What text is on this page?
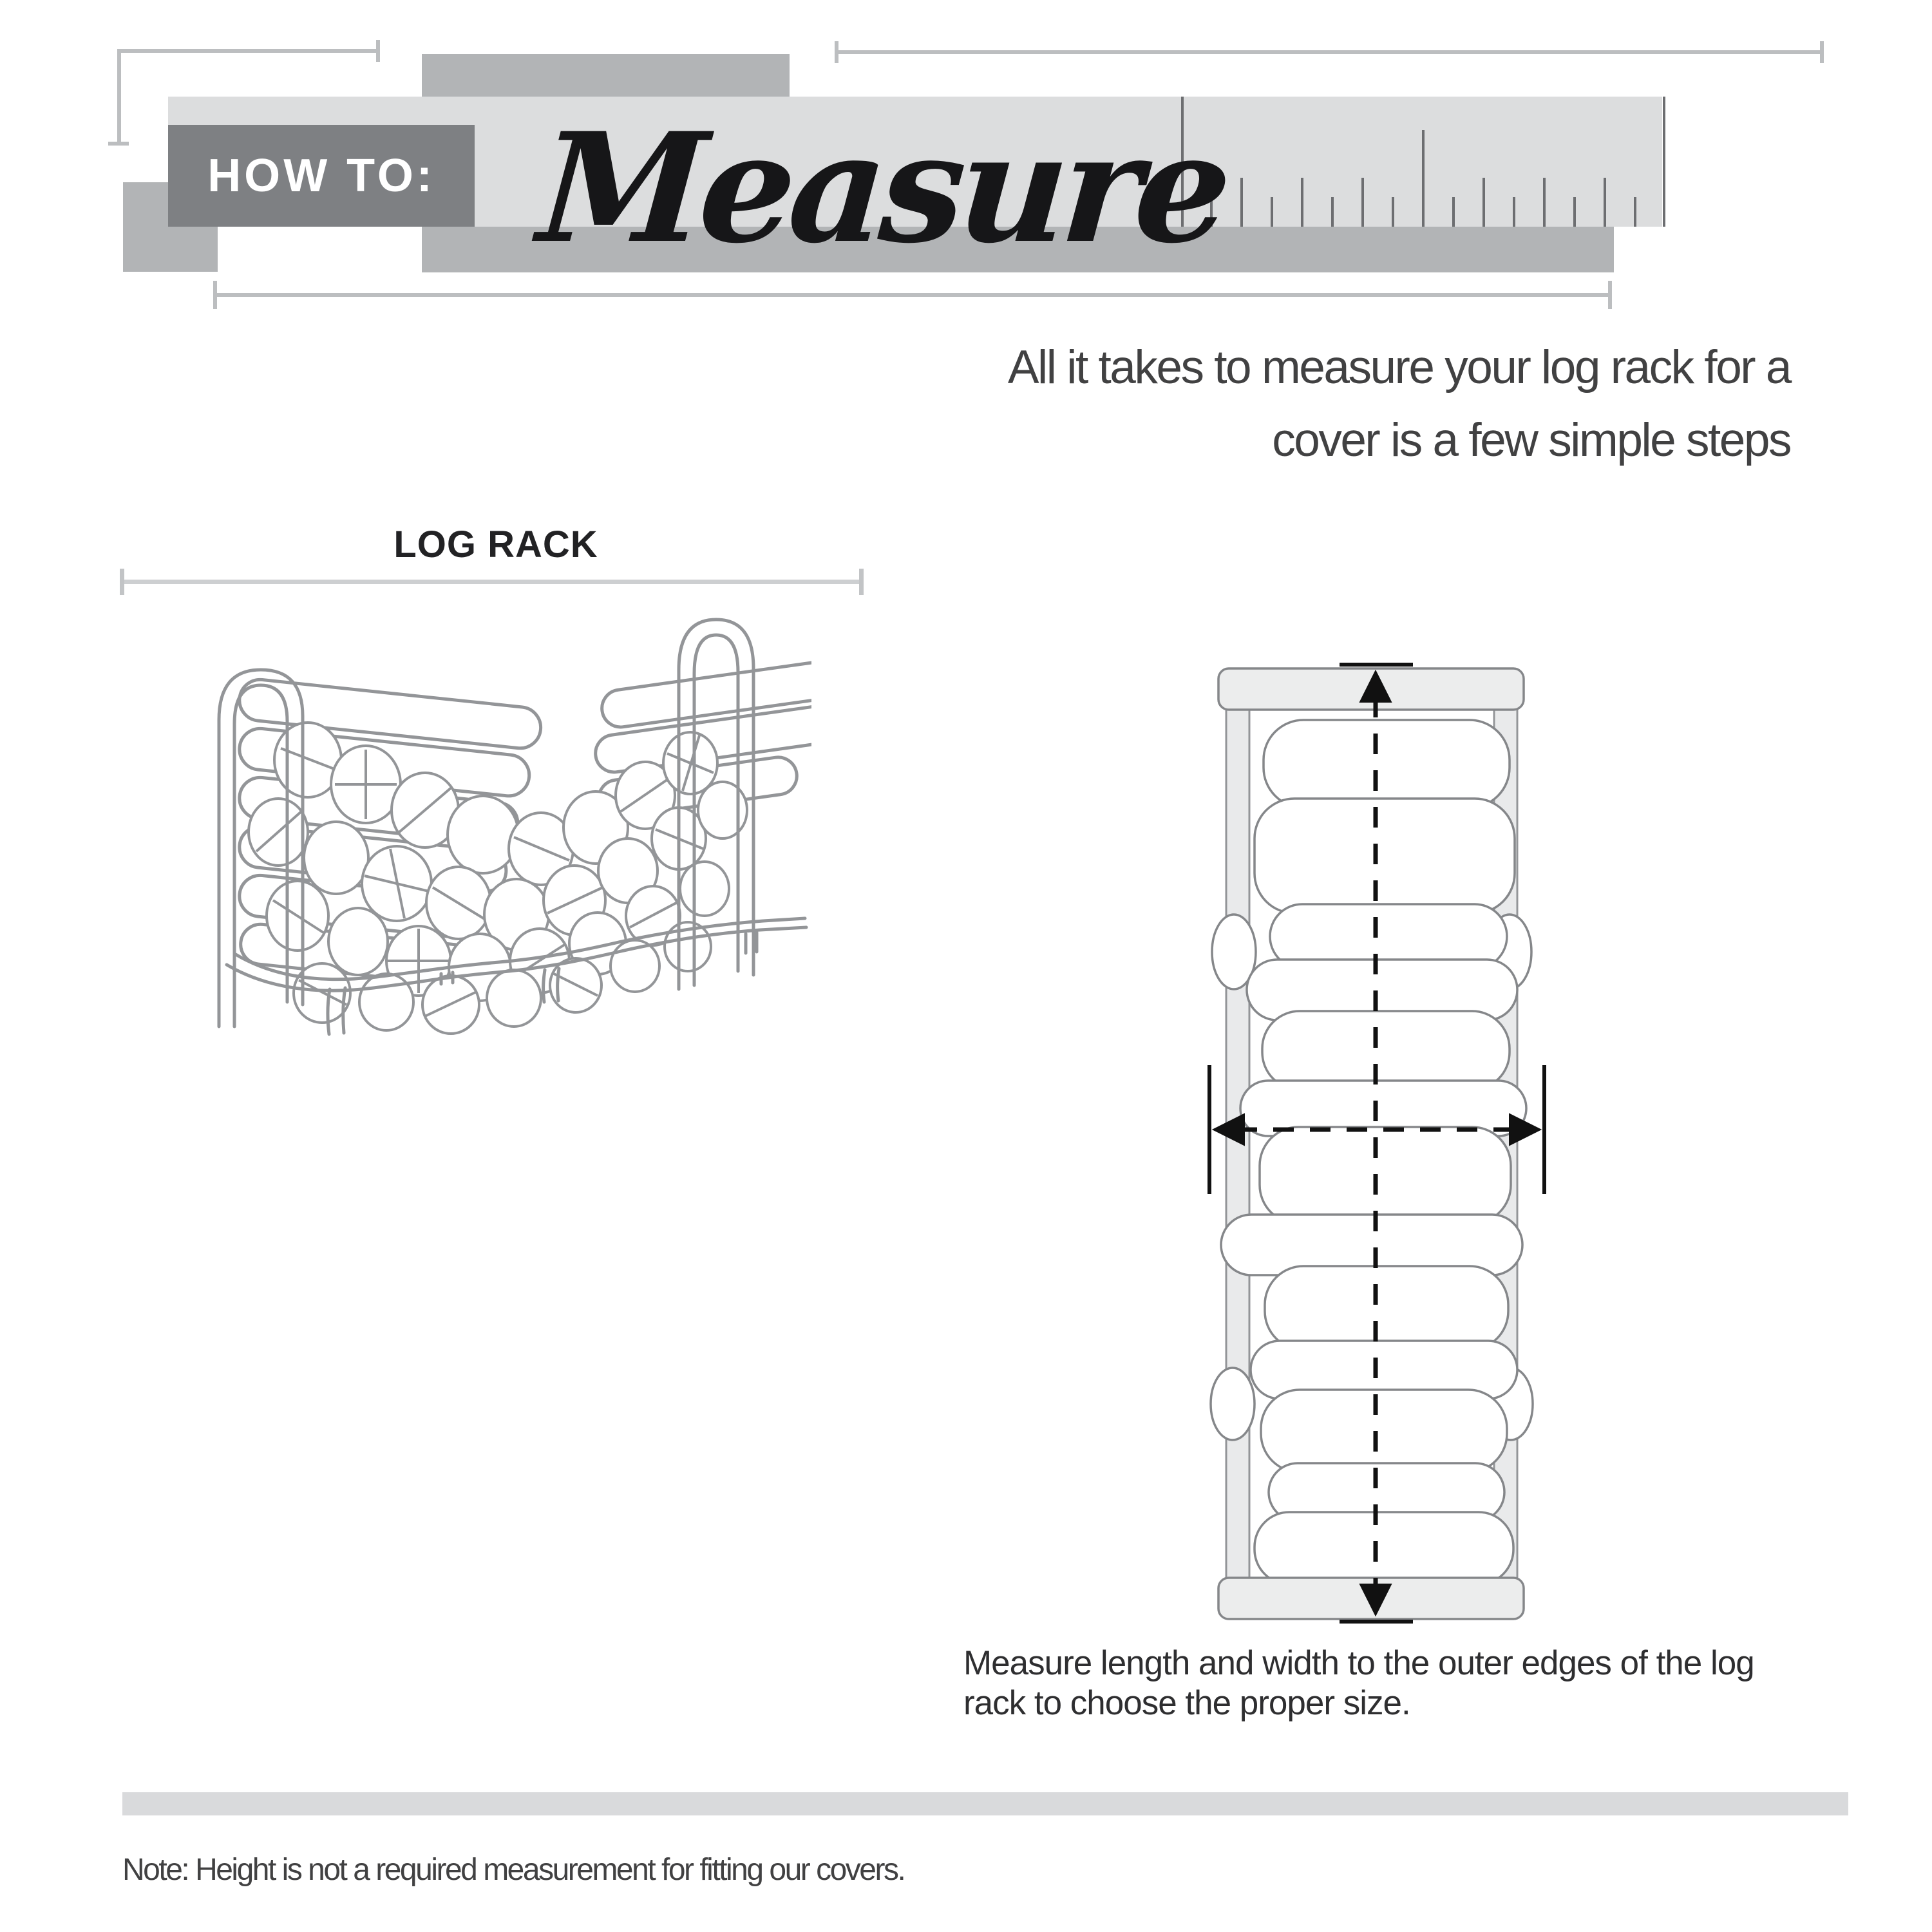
HOW TO: Measure
All it takes to measure your log rack for a
cover is a few simple steps
LOG RACK
Measure length and width to the outer edges of the log
rack to choose the proper size.
Note: Height is not a required measurement for fitting our covers.
